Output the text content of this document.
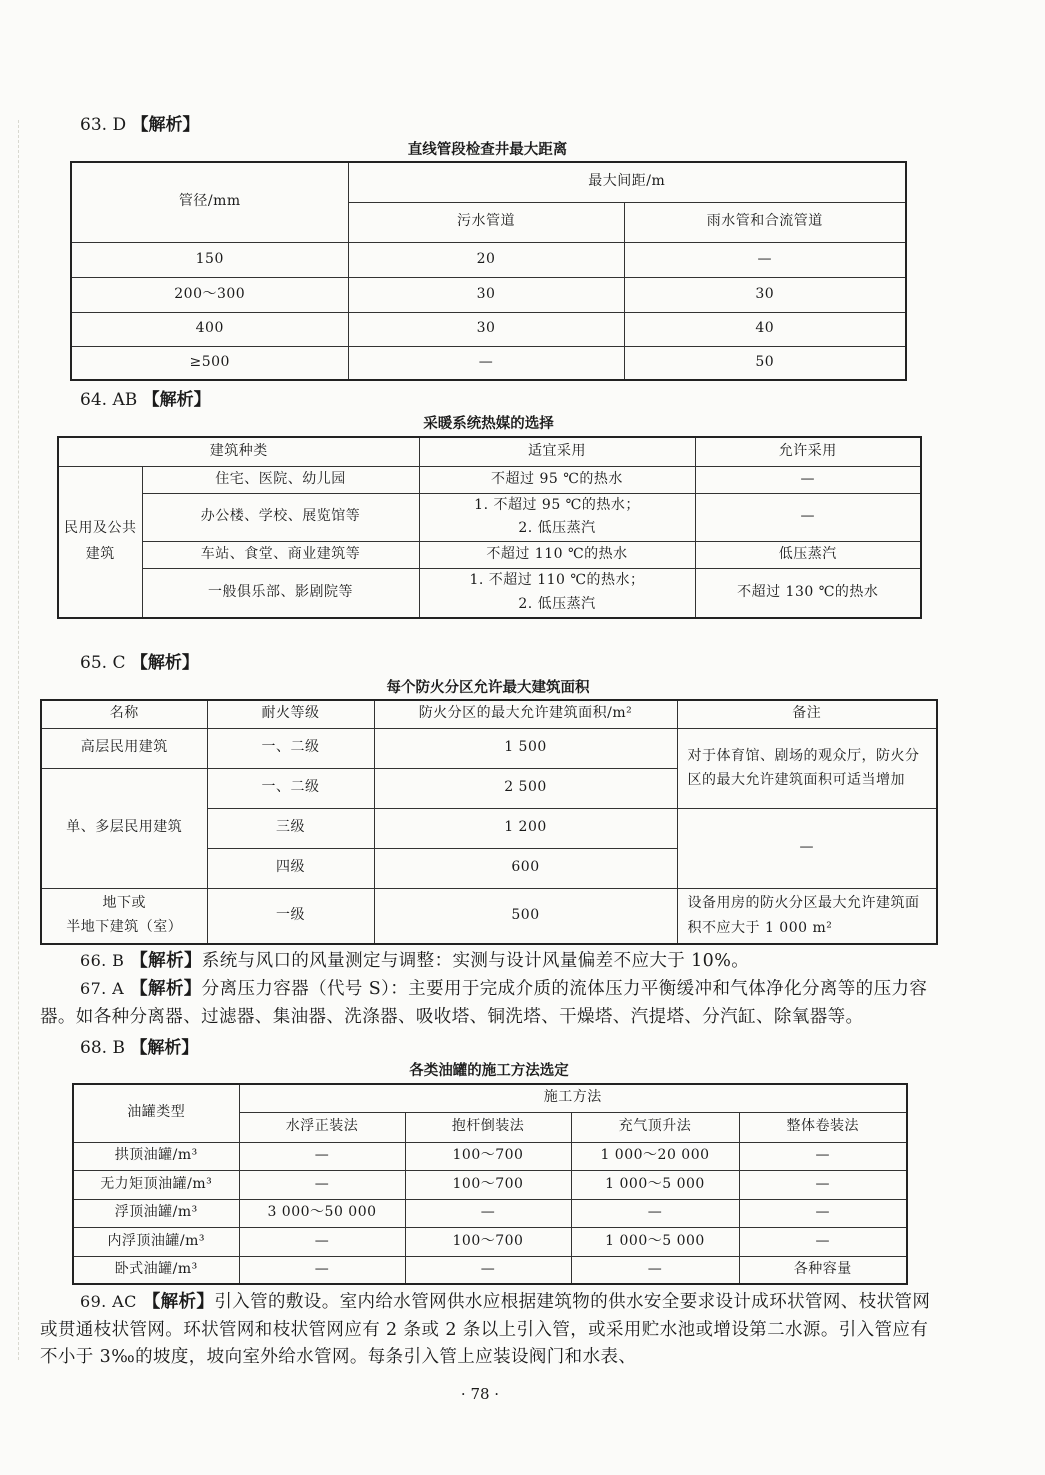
63. D 【解析】
直线管段检查井最大距离
管径/mm	最大间距/m	
	污水管道	雨水管和合流管道
150	20	—
200～300	30	30
400	30	40
≥500	—	50
64. AB 【解析】
采暖系统热媒的选择
建筑种类		适宜采用	允许采用
民用及公共建筑	住宅、医院、幼儿园	不超过 95 ℃的热水	—
	办公楼、学校、展览馆等	1. 不超过 95 ℃的热水；
2. 低压蒸汽	—
	车站、食堂、商业建筑等	不超过 110 ℃的热水	低压蒸汽
	一般俱乐部、影剧院等	1. 不超过 110 ℃的热水；
2. 低压蒸汽	不超过 130 ℃的热水
65. C 【解析】
每个防火分区允许最大建筑面积
名称	耐火等级	防火分区的最大允许建筑面积/m²	备注
高层民用建筑	一、二级	1 500	对于体育馆、剧场的观众厅，防火分区的最大允许建筑面积可适当增加
单、多层民用建筑	一、二级	2 500	
	三级	1 200	—
	四级	600	

地下或
半地下建筑（室）	一级	500	设备用房的防火分区最大允许建筑面积不应大于 1 000 m²
66. B 【解析】系统与风口的风量测定与调整：实测与设计风量偏差不应大于 10%。
67. A 【解析】分离压力容器（代号 S）：主要用于完成介质的流体压力平衡缓冲和气体净化分离等的压力容器。如各种分离器、过滤器、集油器、洗涤器、吸收塔、铜洗塔、干燥塔、汽提塔、分汽缸、除氧器等。
68. B 【解析】
各类油罐的施工方法选定
油罐类型	施工方法			
	水浮正装法	抱杆倒装法	充气顶升法	整体卷装法
拱顶油罐/m³	—	100～700	1 000～20 000	—
无力矩顶油罐/m³	—	100～700	1 000～5 000	—
浮顶油罐/m³	3 000～50 000	—	—	—
内浮顶油罐/m³	—	100～700	1 000～5 000	—
卧式油罐/m³	—	—	—	各种容量
69. AC 【解析】引入管的敷设。室内给水管网供水应根据建筑物的供水安全要求设计成环状管网、枝状管网或贯通枝状管网。环状管网和枝状管网应有 2 条或 2 条以上引入管，或采用贮水池或增设第二水源。引入管应有不小于 3‰的坡度，坡向室外给水管网。每条引入管上应装设阀门和水表、
· 78 ·
